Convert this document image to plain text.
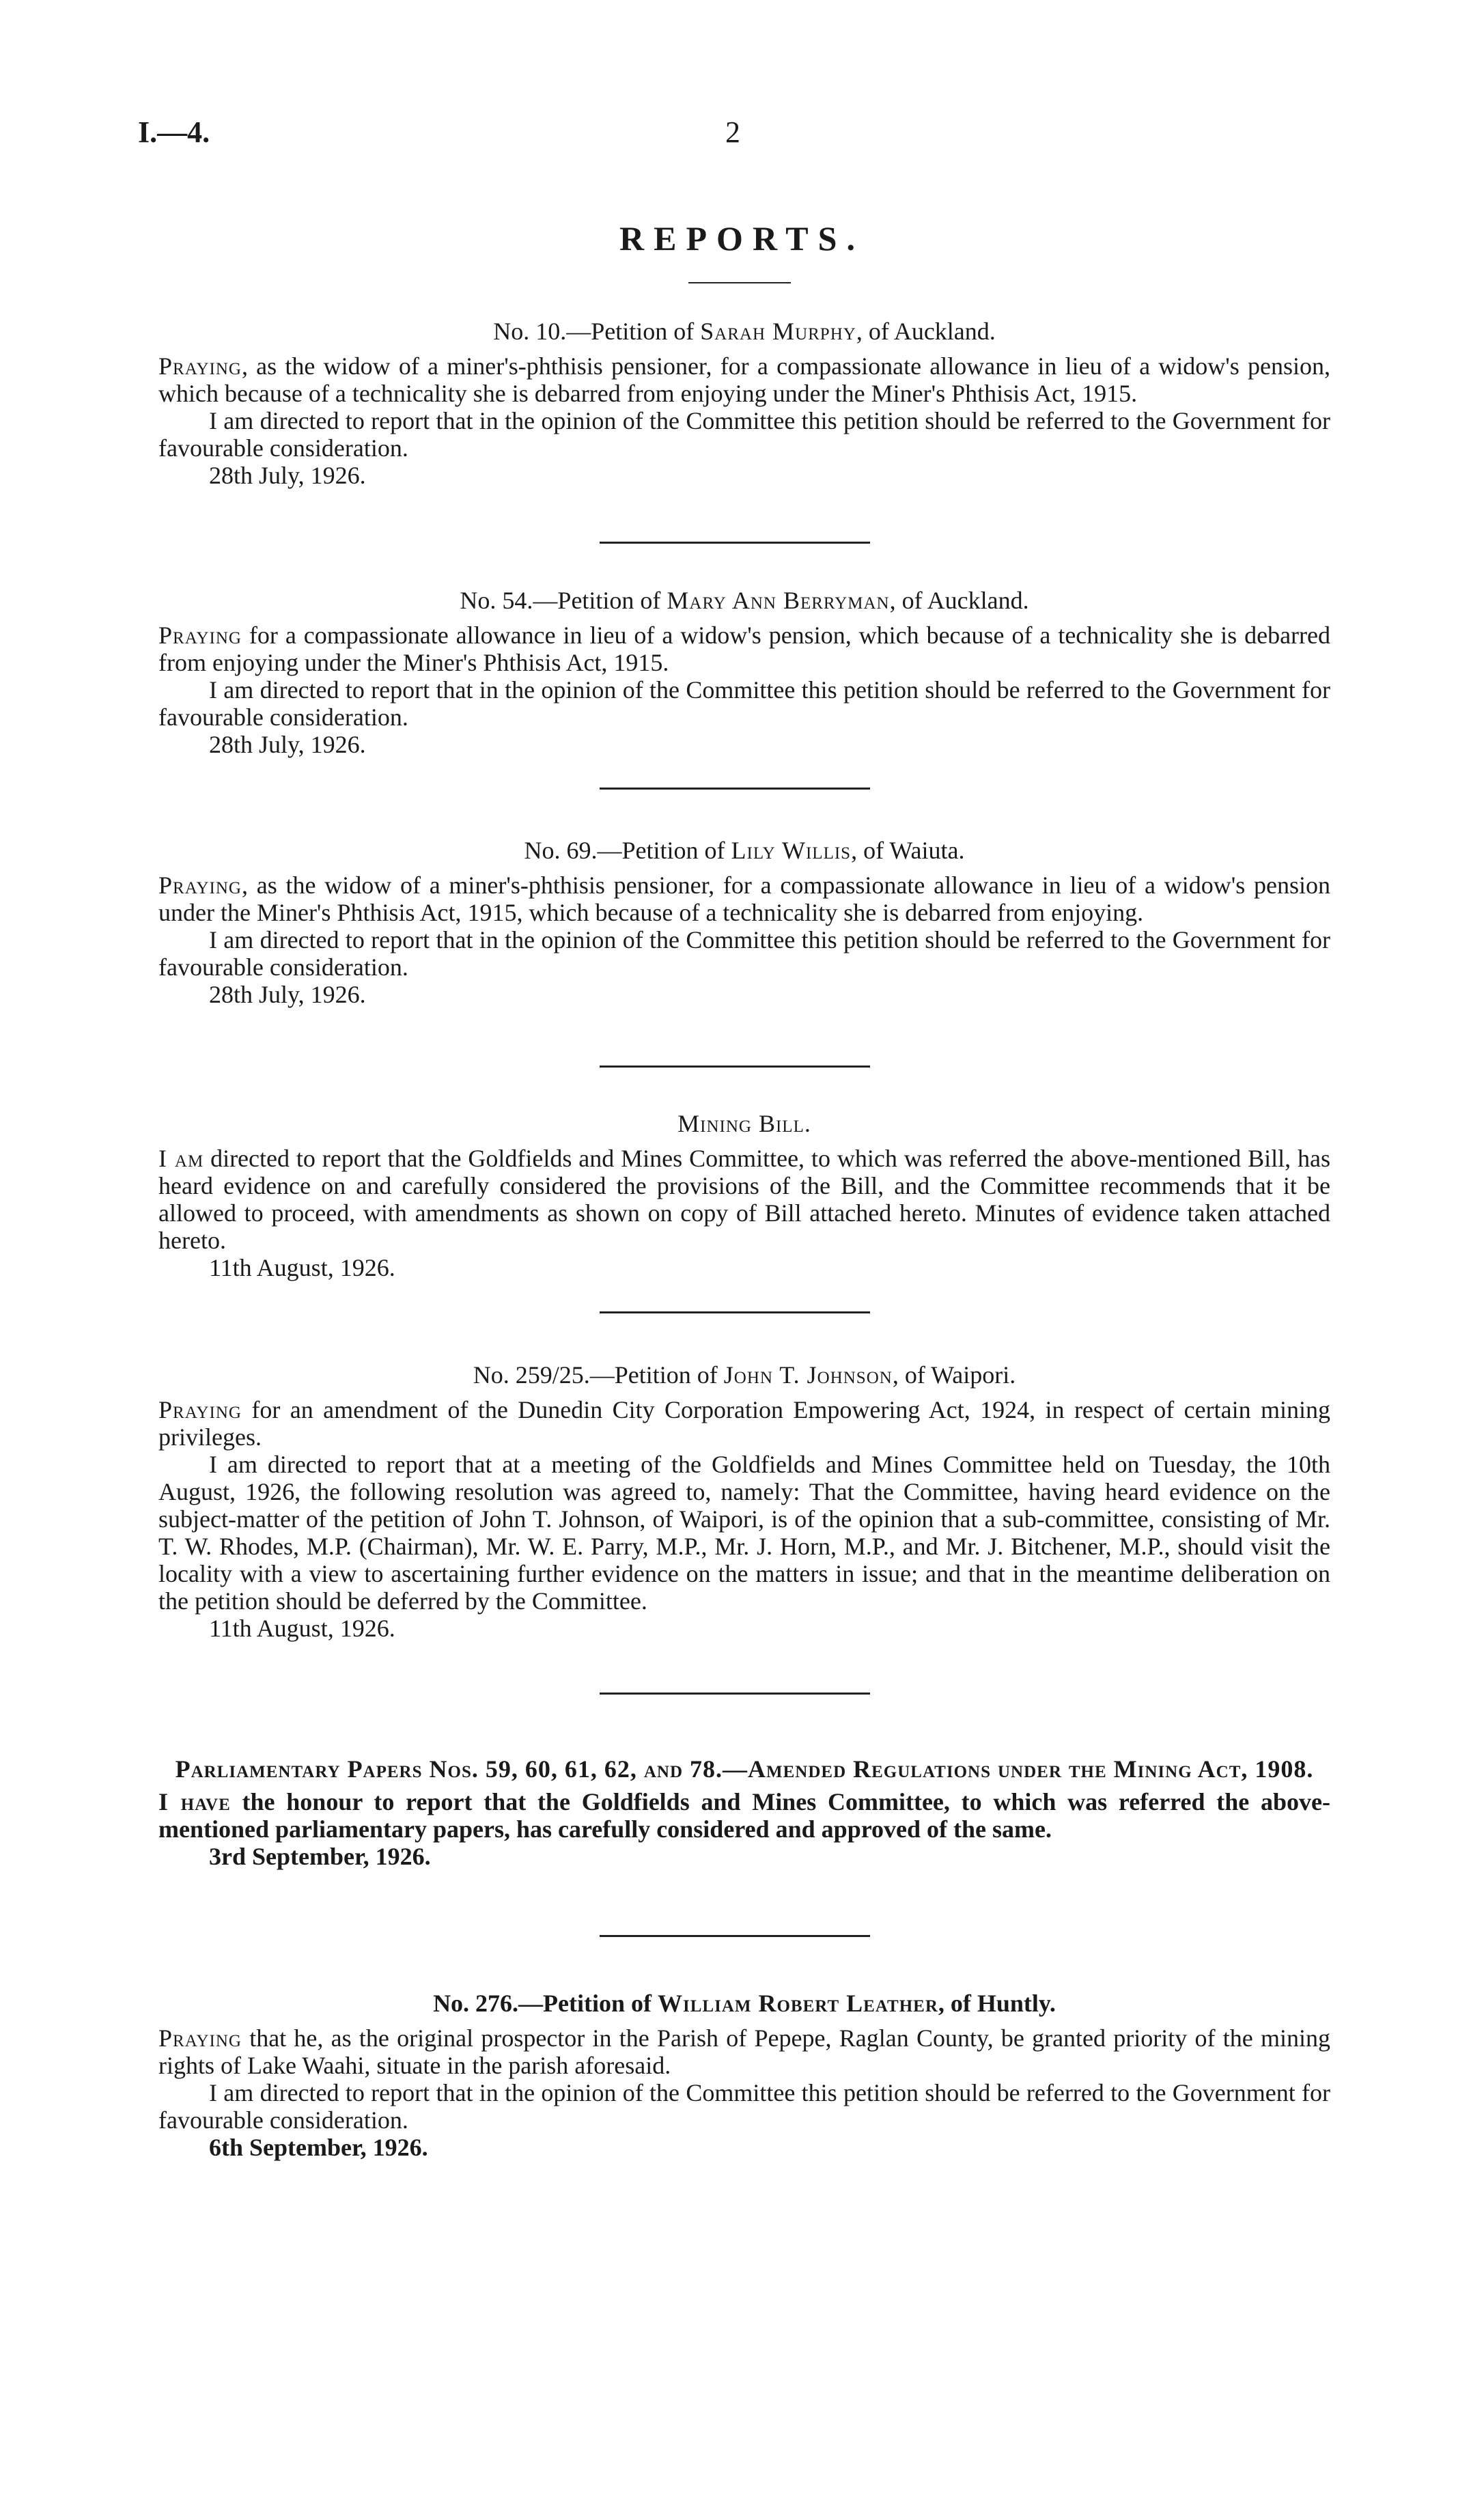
I.—4.	2
REPORTS.

No. 10.—Petition of Sarah Murphy, of Auckland.

Praying, as the widow of a miner's-phthisis pensioner, for a compassionate allowance in lieu of a widow's pension, which because of a technicality she is debarred from enjoying under the Miner's Phthisis Act, 1915.

I am directed to report that in the opinion of the Committee this petition should be referred to the Government for favourable consideration.

28th July, 1926.

No. 54.—Petition of Mary Ann Berryman, of Auckland.

Praying for a compassionate allowance in lieu of a widow's pension, which because of a technicality she is debarred from enjoying under the Miner's Phthisis Act, 1915.

I am directed to report that in the opinion of the Committee this petition should be referred to the Government for favourable consideration.

28th July, 1926.

No. 69.—Petition of Lily Willis, of Waiuta.

Praying, as the widow of a miner's-phthisis pensioner, for a compassionate allowance in lieu of a widow's pension under the Miner's Phthisis Act, 1915, which because of a technicality she is debarred from enjoying.

I am directed to report that in the opinion of the Committee this petition should be referred to the Government for favourable consideration.

28th July, 1926.

Mining Bill.

I am directed to report that the Goldfields and Mines Committee, to which was referred the above-mentioned Bill, has heard evidence on and carefully considered the provisions of the Bill, and the Committee recommends that it be allowed to proceed, with amendments as shown on copy of Bill attached hereto. Minutes of evidence taken attached hereto.

11th August, 1926.

No. 259/25.—Petition of John T. Johnson, of Waipori.

Praying for an amendment of the Dunedin City Corporation Empowering Act, 1924, in respect of certain mining privileges.

I am directed to report that at a meeting of the Goldfields and Mines Committee held on Tuesday, the 10th August, 1926, the following resolution was agreed to, namely: That the Committee, having heard evidence on the subject-matter of the petition of John T. Johnson, of Waipori, is of the opinion that a sub-committee, consisting of Mr. T. W. Rhodes, M.P. (Chairman), Mr. W. E. Parry, M.P., Mr. J. Horn, M.P., and Mr. J. Bitchener, M.P., should visit the locality with a view to ascertaining further evidence on the matters in issue; and that in the meantime deliberation on the petition should be deferred by the Committee.

11th August, 1926.

Parliamentary Papers Nos. 59, 60, 61, 62, and 78.—Amended Regulations under the Mining Act, 1908.

I have the honour to report that the Goldfields and Mines Committee, to which was referred the above-mentioned parliamentary papers, has carefully considered and approved of the same.

3rd September, 1926.

No. 276.—Petition of William Robert Leather, of Huntly.

Praying that he, as the original prospector in the Parish of Pepepe, Raglan County, be granted priority of the mining rights of Lake Waahi, situate in the parish aforesaid.

I am directed to report that in the opinion of the Committee this petition should be referred to the Government for favourable consideration.

6th September, 1926.
